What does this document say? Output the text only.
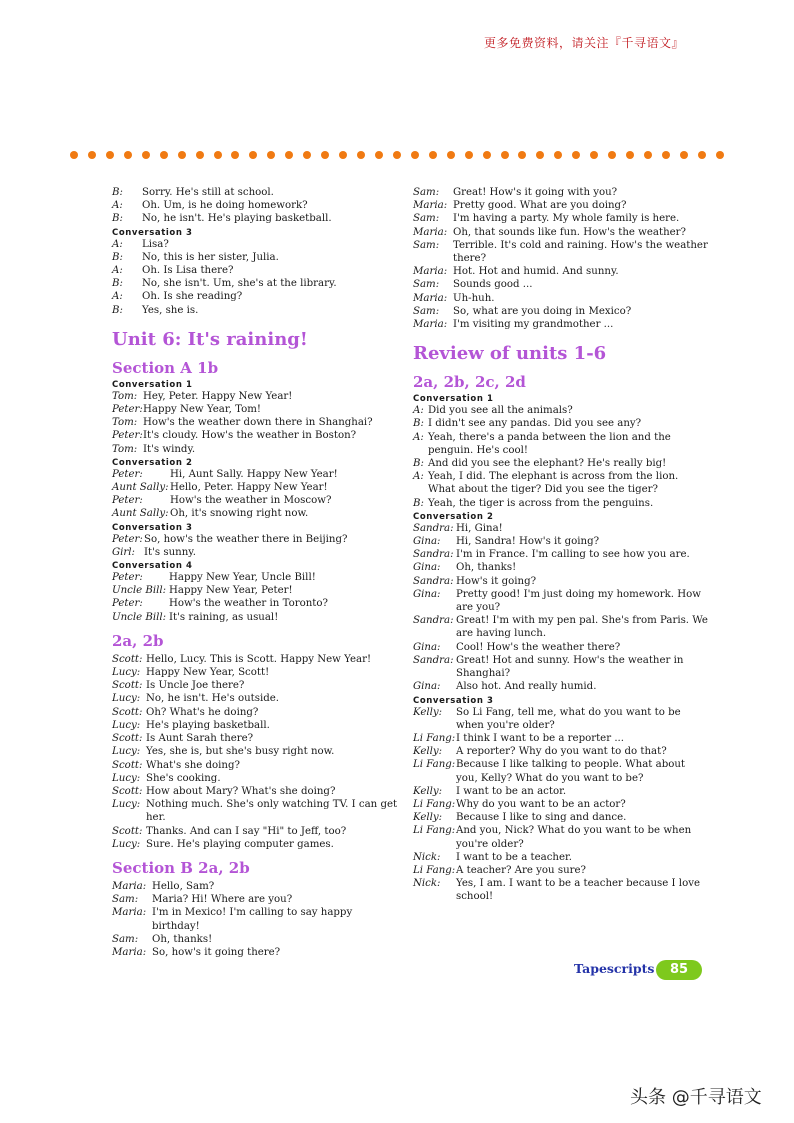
更多免费资料，请关注『千寻语文』
B:	Sorry. He's still at school.
A:	Oh. Um, is he doing homework?
B:	No, he isn't. He's playing basketball.
Conversation 3
A:	Lisa?
B:	No, this is her sister, Julia.
A:	Oh. Is Lisa there?
B:	No, she isn't. Um, she's at the library.
A:	Oh. Is she reading?
B:	Yes, she is.
Unit 6: It's raining!
Section A 1b
Conversation 1
Tom: Hey, Peter. Happy New Year!
Peter: Happy New Year, Tom!
Tom: How's the weather down there in Shanghai?
Peter: It's cloudy. How's the weather in Boston?
Tom: It's windy.
Conversation 2
Peter:	Hi, Aunt Sally. Happy New Year!
Aunt Sally: Hello, Peter. Happy New Year!
Peter:	How's the weather in Moscow?
Aunt Sally: Oh, it's snowing right now.
Conversation 3
Peter: So, how's the weather there in Beijing?
Girl: It's sunny.
Conversation 4
Peter:	Happy New Year, Uncle Bill!
Uncle Bill: Happy New Year, Peter!
Peter:	How's the weather in Toronto?
Uncle Bill: It's raining, as usual!
2a, 2b
Scott: Hello, Lucy. This is Scott. Happy New Year!
Lucy: Happy New Year, Scott!
Scott: Is Uncle Joe there?
Lucy: No, he isn't. He's outside.
Scott: Oh? What's he doing?
Lucy: He's playing basketball.
Scott: Is Aunt Sarah there?
Lucy: Yes, she is, but she's busy right now.
Scott: What's she doing?
Lucy: She's cooking.
Scott: How about Mary? What's she doing?
Lucy: Nothing much. She's only watching TV. I can get her.
Scott: Thanks. And can I say "Hi" to Jeff, too?
Lucy: Sure. He's playing computer games.
Section B 2a, 2b
Maria: Hello, Sam?
Sam:	Maria? Hi! Where are you?
Maria: I'm in Mexico! I'm calling to say happy birthday!
Sam:	Oh, thanks!
Maria: So, how's it going there?
Sam:	Great! How's it going with you?
Maria: Pretty good. What are you doing?
Sam:	I'm having a party. My whole family is here.
Maria: Oh, that sounds like fun. How's the weather?
Sam:	Terrible. It's cold and raining. How's the weather there?
Maria: Hot. Hot and humid. And sunny.
Sam:	Sounds good ...
Maria: Uh-huh.
Sam:	So, what are you doing in Mexico?
Maria: I'm visiting my grandmother ...
Review of units 1-6
2a, 2b, 2c, 2d
Conversation 1
A: Did you see all the animals?
B: I didn't see any pandas. Did you see any?
A: Yeah, there's a panda between the lion and the penguin. He's cool!
B: And did you see the elephant? He's really big!
A: Yeah, I did. The elephant is across from the lion. What about the tiger? Did you see the tiger?
B: Yeah, the tiger is across from the penguins.
Conversation 2
Sandra: Hi, Gina!
Gina:	Hi, Sandra! How's it going?
Sandra: I'm in France. I'm calling to see how you are.
Gina:	Oh, thanks!
Sandra: How's it going?
Gina:	Pretty good! I'm just doing my homework. How are you?
Sandra: Great! I'm with my pen pal. She's from Paris. We are having lunch.
Gina:	Cool! How's the weather there?
Sandra: Great! Hot and sunny. How's the weather in Shanghai?
Gina:	Also hot. And really humid.
Conversation 3
Kelly:	So Li Fang, tell me, what do you want to be when you're older?
Li Fang: I think I want to be a reporter ...
Kelly:	A reporter? Why do you want to do that?
Li Fang: Because I like talking to people. What about you, Kelly? What do you want to be?
Kelly:	I want to be an actor.
Li Fang: Why do you want to be an actor?
Kelly:	Because I like to sing and dance.
Li Fang: And you, Nick? What do you want to be when you're older?
Nick:	I want to be a teacher.
Li Fang: A teacher? Are you sure?
Nick:	Yes, I am. I want to be a teacher because I love school!
Tapescripts	85
头条 @千寻语文
